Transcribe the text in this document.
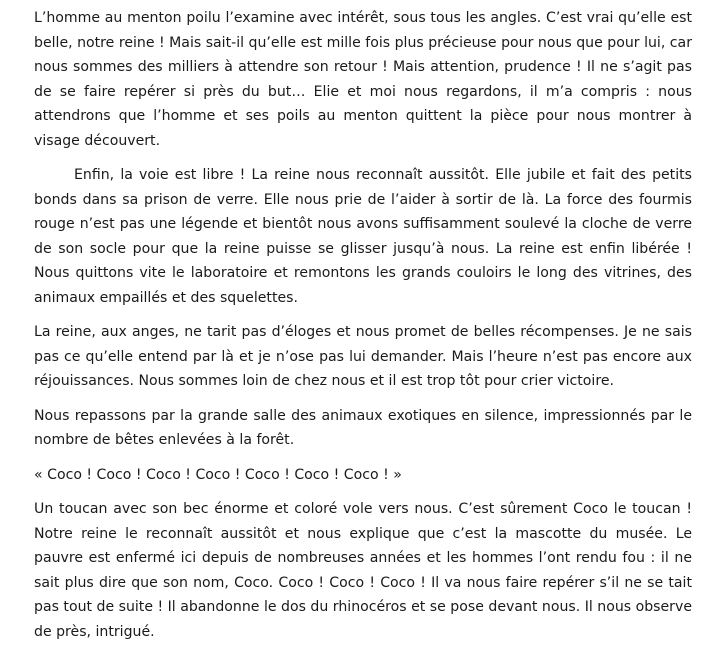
L’homme au menton poilu l’examine avec intérêt, sous tous les angles. C’est vrai qu’elle est belle, notre reine ! Mais sait-il qu’elle est mille fois plus précieuse pour nous que pour lui, car nous sommes des milliers à attendre son retour ! Mais attention, prudence ! Il ne s’agit pas de se faire repérer si près du but… Elie et moi nous regardons, il m’a compris : nous attendrons que l’homme et ses poils au menton quittent la pièce pour nous montrer à visage découvert.

Enfin, la voie est libre ! La reine nous reconnaît aussitôt. Elle jubile et fait des petits bonds dans sa prison de verre. Elle nous prie de l’aider à sortir de là. La force des fourmis rouge n’est pas une légende et bientôt nous avons suffisamment soulevé la cloche de verre de son socle pour que la reine puisse se glisser jusqu’à nous. La reine est enfin libérée ! Nous quittons vite le laboratoire et remontons les grands couloirs le long des vitrines, des animaux empaillés et des squelettes.

La reine, aux anges, ne tarit pas d’éloges et nous promet de belles récompenses. Je ne sais pas ce qu’elle entend par là et je n’ose pas lui demander. Mais l’heure n’est pas encore aux réjouissances. Nous sommes loin de chez nous et il est trop tôt pour crier victoire.

Nous repassons par la grande salle des animaux exotiques en silence, impressionnés par le nombre de bêtes enlevées à la forêt.

« Coco ! Coco ! Coco ! Coco ! Coco ! Coco ! Coco ! »

Un toucan avec son bec énorme et coloré vole vers nous. C’est sûrement Coco le toucan ! Notre reine le reconnaît aussitôt et nous explique que c’est la mascotte du musée. Le pauvre est enfermé ici depuis de nombreuses années et les hommes l’ont rendu fou : il ne sait plus dire que son nom, Coco. Coco ! Coco ! Coco ! Il va nous faire repérer s’il ne se tait pas tout de suite ! Il abandonne le dos du rhinocéros et se pose devant nous. Il nous observe de près, intrigué.
